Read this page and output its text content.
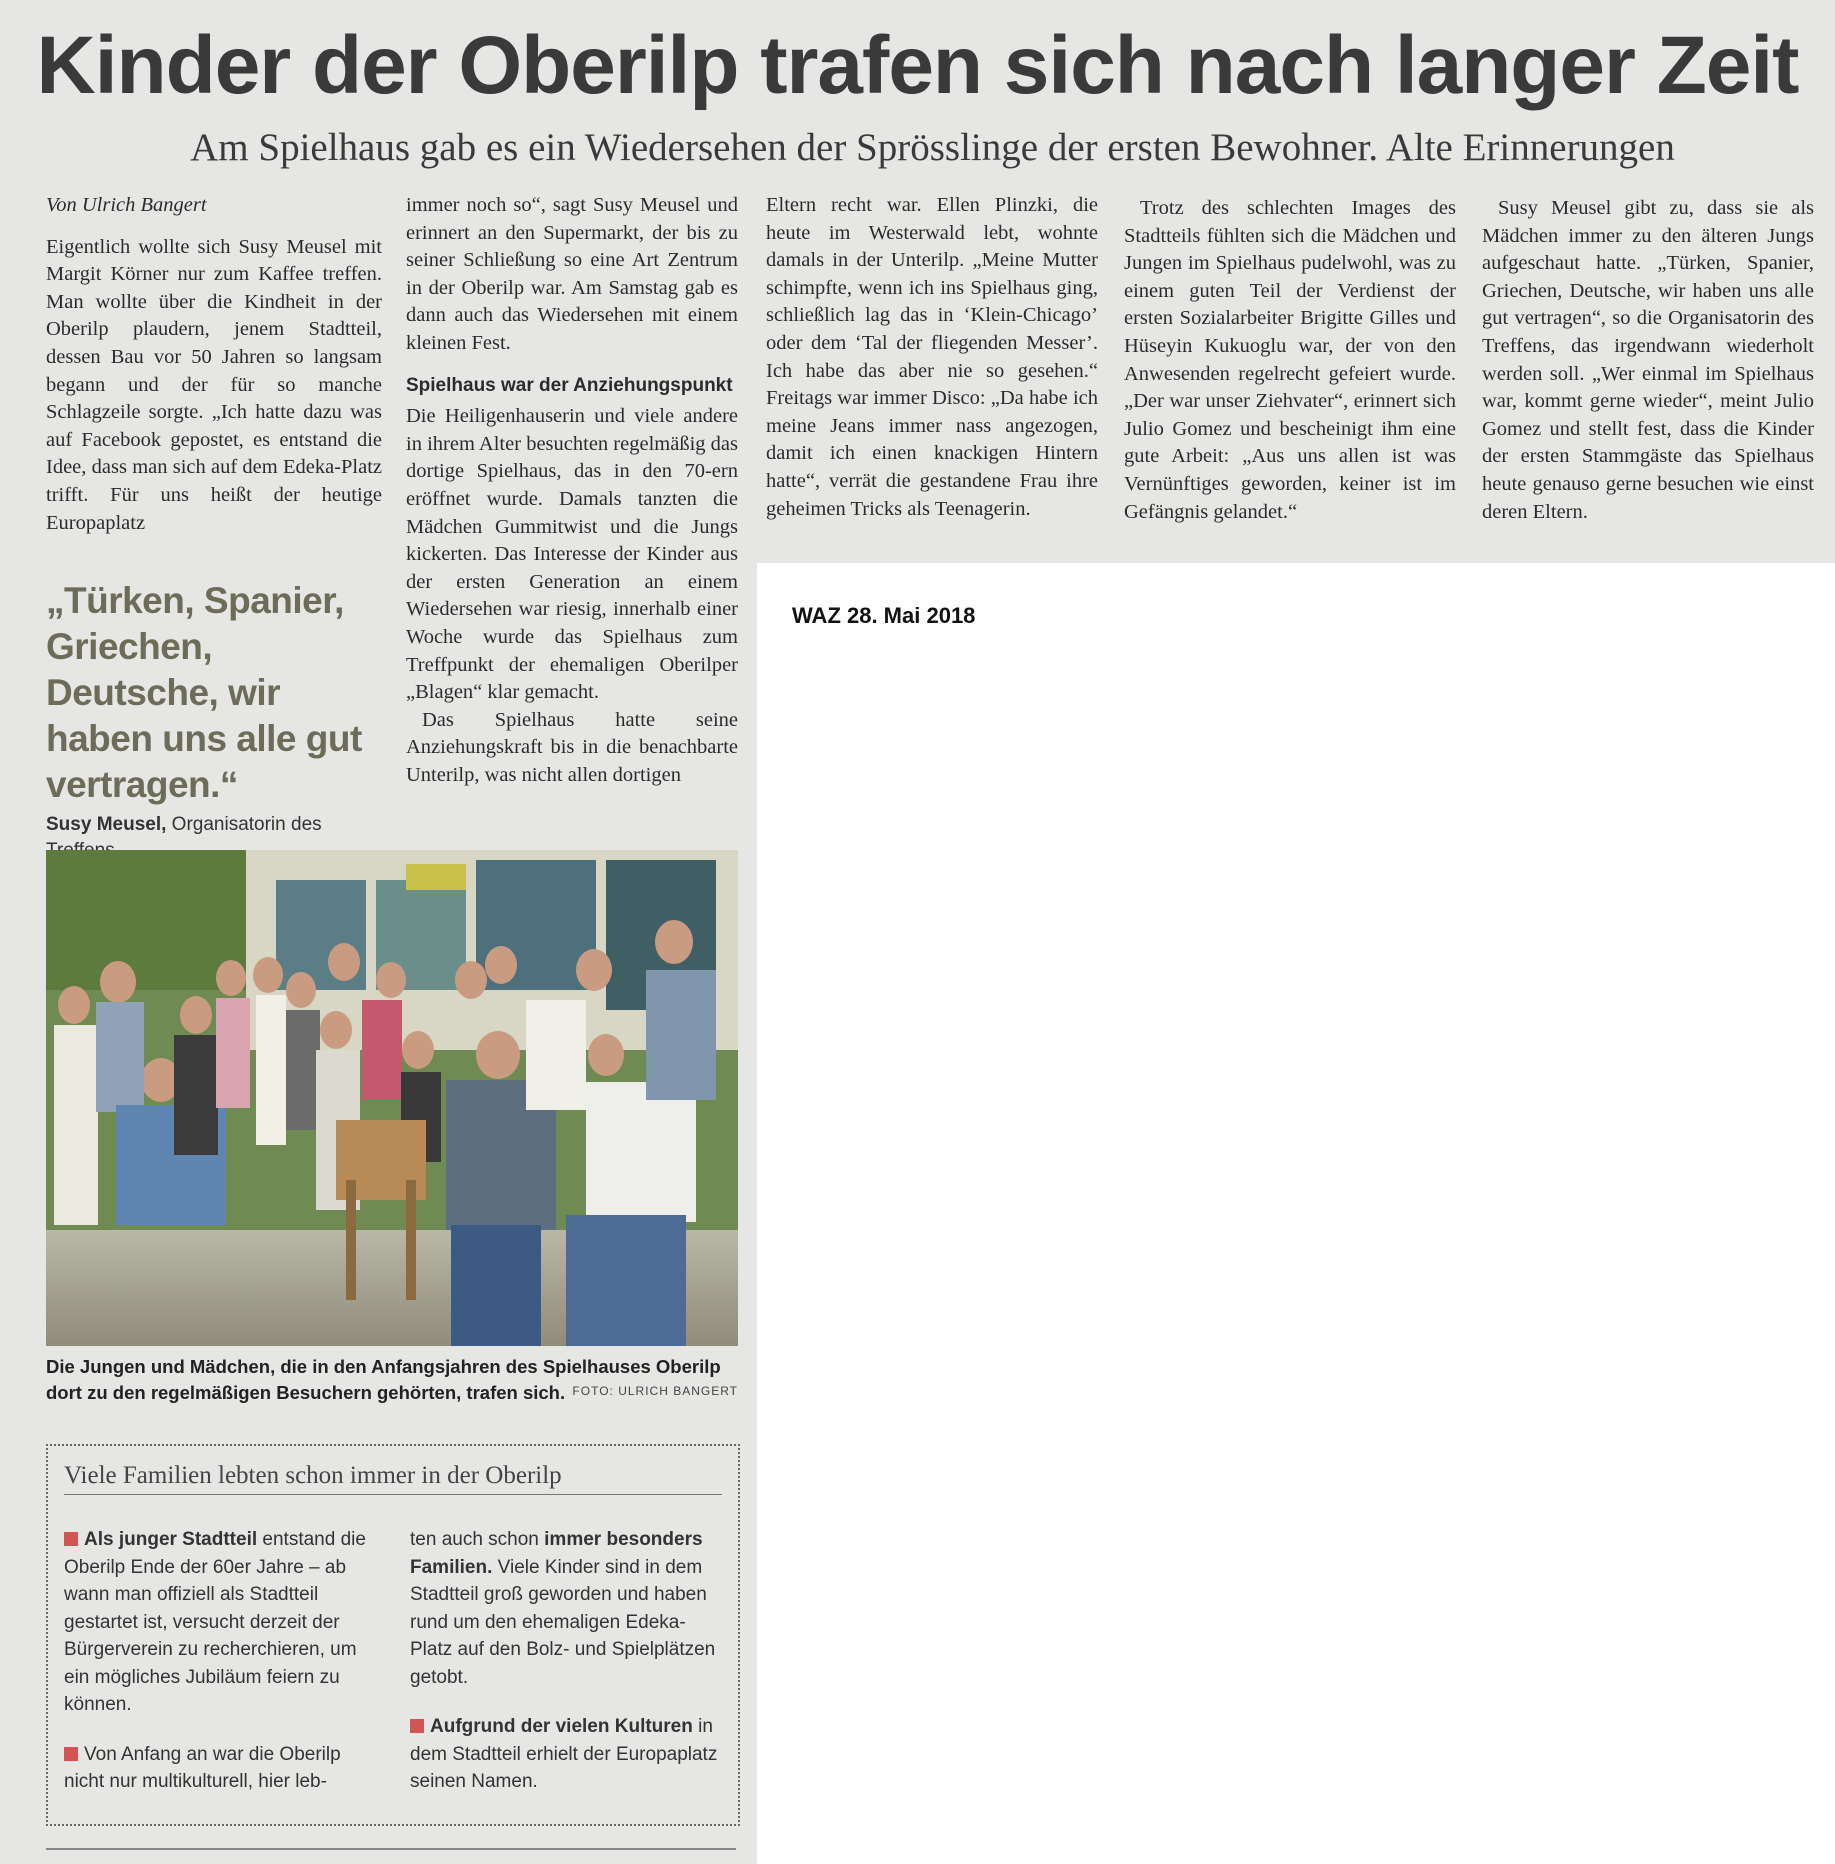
Kinder der Oberilp trafen sich nach langer Zeit
Am Spielhaus gab es ein Wiedersehen der Sprösslinge der ersten Bewohner. Alte Erinnerungen

Von Ulrich Bangert

Eigentlich wollte sich Susy Meusel mit Margit Körner nur zum Kaffee treffen. Man wollte über die Kindheit in der Oberilp plaudern, jenem Stadtteil, dessen Bau vor 50 Jahren so langsam begann und der für so manche Schlagzeile sorgte. „Ich hatte dazu was auf Facebook gepostet, es entstand die Idee, dass man sich auf dem Edeka-Platz trifft. Für uns heißt der heutige Europaplatz

„Türken, Spanier, Griechen, Deutsche, wir haben uns alle gut vertragen.“
Susy Meusel, Organisatorin des

immer noch so“, sagt Susy Meusel und erinnert an den Supermarkt, der bis zu seiner Schließung so eine Art Zentrum in der Oberilp war. Am Samstag gab es dann auch das Wiedersehen mit einem kleinen Fest.

Spielhaus war der Anziehungspunkt

Die Heiligenhauserin und viele andere in ihrem Alter besuchten regelmäßig das dortige Spielhaus, das in den 70-ern eröffnet wurde. Damals tanzten die Mädchen Gummitwist und die Jungs kickerten. Das Interesse der Kinder aus der ersten Generation an einem Wiedersehen war riesig, innerhalb einer Woche wurde das Spielhaus zum Treffpunkt der ehemaligen Oberilper „Blagen“ klar gemacht.

Das Spielhaus hatte seine Anziehungskraft bis in die benachbarte Unterilp, was nicht allen dortigen

Eltern recht war. Ellen Plinzki, die heute im Westerwald lebt, wohnte damals in der Unterilp. „Meine Mutter schimpfte, wenn ich ins Spielhaus ging, schließlich lag das in ‘Klein-Chicago’ oder dem ‘Tal der fliegenden Messer’. Ich habe das aber nie so gesehen.“ Freitags war immer Disco: „Da habe ich meine Jeans immer nass angezogen, damit ich einen knackigen Hintern hatte“, verrät die gestandene Frau ihre geheimen Tricks als Teenagerin.

Trotz des schlechten Images des Stadtteils fühlten sich die Mädchen und Jungen im Spielhaus pudelwohl, was zu einem guten Teil der Verdienst der ersten Sozialarbeiter Brigitte Gilles und Hüseyin Kukuoglu war, der von den Anwesenden regelrecht gefeiert wurde. „Der war unser Ziehvater“, erinnert sich Julio Gomez und bescheinigt ihm eine gute Arbeit: „Aus uns allen ist was Vernünftiges geworden, keiner ist im Gefängnis gelandet.“

Susy Meusel gibt zu, dass sie als Mädchen immer zu den älteren Jungs aufgeschaut hatte. „Türken, Spanier, Griechen, Deutsche, wir haben uns alle gut vertragen“, so die Organisatorin des Treffens, das irgendwann wiederholt werden soll. „Wer einmal im Spielhaus war, kommt gerne wieder“, meint Julio Gomez und stellt fest, dass die Kinder der ersten Stammgäste das Spielhaus heute genauso gerne besuchen wie einst deren Eltern.

Die Jungen und Mädchen, die in den Anfangsjahren des Spielhauses Oberilp dort zu den regelmäßigen Besuchern gehörten, trafen sich. FOTO: ULRICH BANGERT
Viele Familien lebten schon immer in der Oberilp

Als junger Stadtteil entstand die Oberilp Ende der 60er Jahre – ab wann man offiziell als Stadtteil gestartet ist, versucht derzeit der Bürgerverein zu recherchieren, um ein mögliches Jubiläum feiern zu können.

Von Anfang an war die Oberilp nicht nur multikulturell, hier leb-

ten auch schon immer besonders Familien. Viele Kinder sind in dem Stadtteil groß geworden und haben rund um den ehemaligen Edeka-Platz auf den Bolz- und Spielplätzen getobt.

Aufgrund der vielen Kulturen in dem Stadtteil erhielt der Europaplatz seinen Namen.

WAZ 28. Mai 2018
